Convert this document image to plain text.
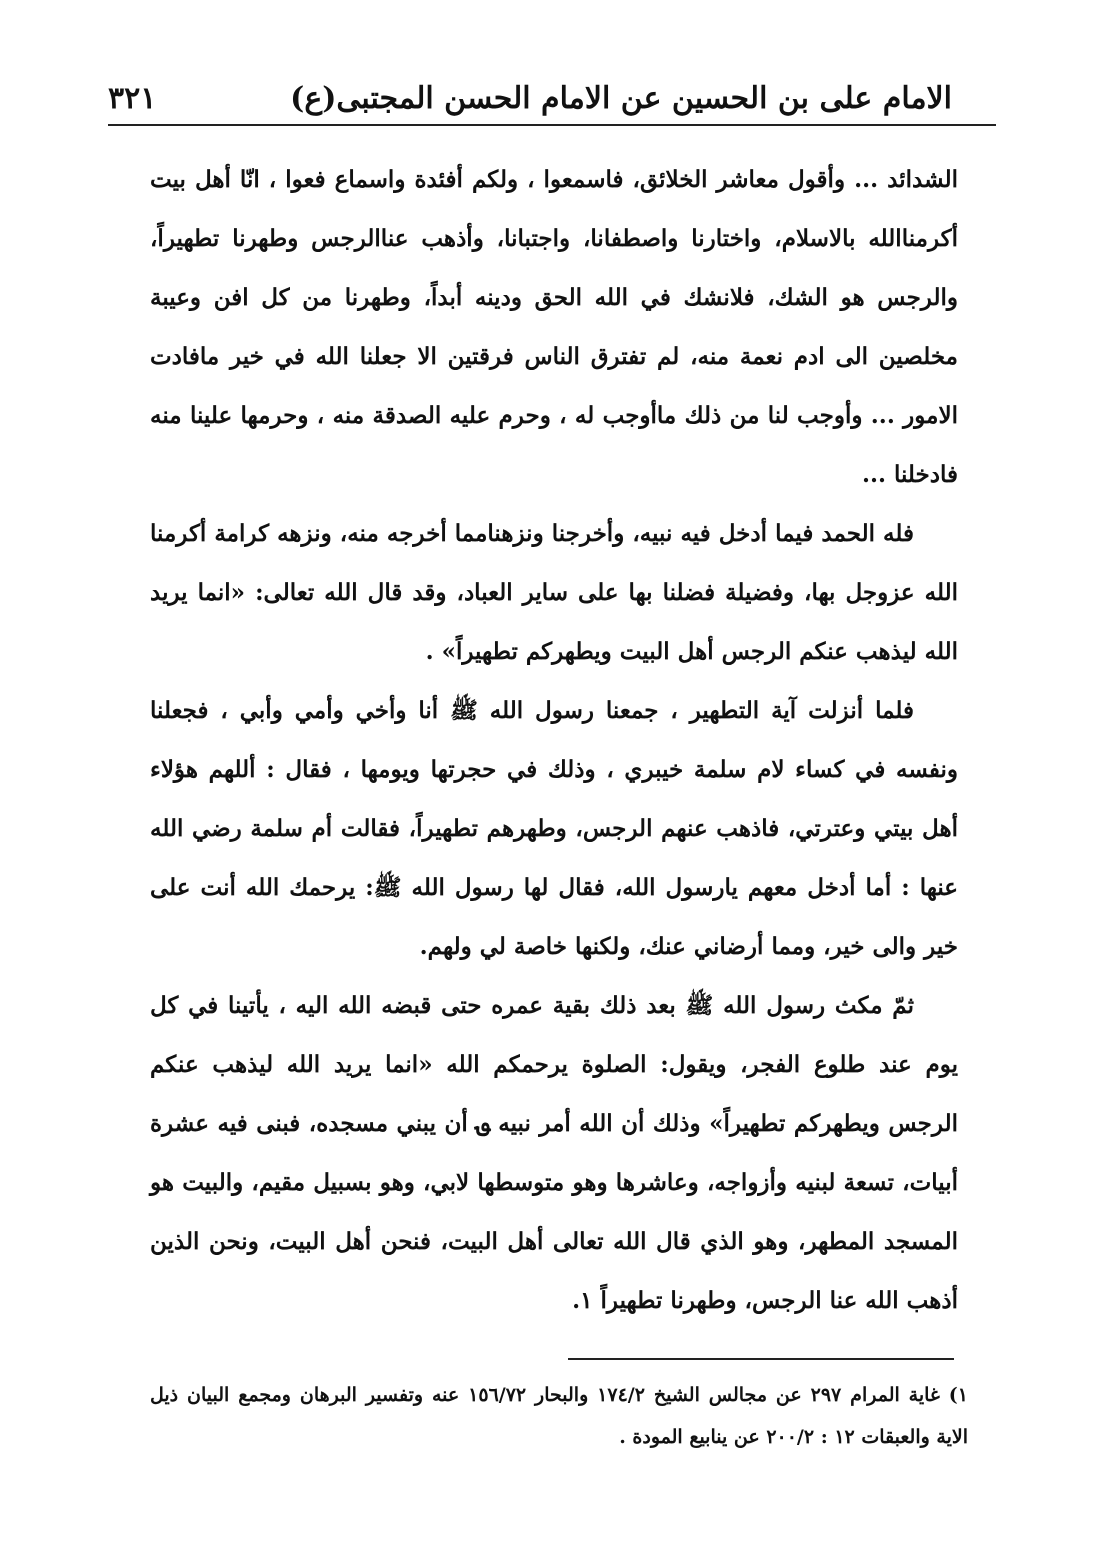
الامام على بن الحسين عن الامام الحسن المجتبى(ع)
٣٢١

الشدائد ... وأقول معاشر الخلائق، فاسمعوا ، ولكم أفئدة واسماع فعوا ، انّا أهل بيت أكرمناالله بالاسلام، واختارنا واصطفانا، واجتبانا، وأذهب عناالرجس وطهرنا تطهيراً، والرجس هو الشك، فلانشك في الله الحق ودينه أبداً، وطهرنا من كل افن وعيبة مخلصين الى ادم نعمة منه، لم تفترق الناس فرقتين الا جعلنا الله في خير مافادت الامور ... وأوجب لنا من ذلك ماأوجب له ، وحرم عليه الصدقة منه ، وحرمها علينا منه فادخلنا ...

فله الحمد فيما أدخل فيه نبيه، وأخرجنا ونزهنامما أخرجه منه، ونزهه كرامة أكرمنا الله عزوجل بها، وفضيلة فضلنا بها على ساير العباد، وقد قال الله تعالى: «انما يريد الله ليذهب عنكم الرجس أهل البيت ويطهركم تطهيراً» .

فلما أنزلت آية التطهير ، جمعنا رسول الله ﷺ أنا وأخي وأمي وأبي ، فجعلنا ونفسه في كساء لام سلمة خيبري ، وذلك في حجرتها ويومها ، فقال : أللهم هؤلاء أهل بيتي وعترتي، فاذهب عنهم الرجس، وطهرهم تطهيراً، فقالت أم سلمة رضي الله عنها : أما أدخل معهم يارسول الله، فقال لها رسول الله ﷺ: يرحمك الله أنت على خير والى خير، ومما أرضاني عنك، ولكنها خاصة لي ولهم.

ثمّ مكث رسول الله ﷺ بعد ذلك بقية عمره حتى قبضه الله اليه ، يأتينا في كل يوم عند طلوع الفجر، ويقول: الصلوة يرحمكم الله «انما يريد الله ليذهب عنكم الرجس ويطهركم تطهيراً» وذلك أن الله أمر نبيه ؈ أن يبني مسجده، فبنى فيه عشرة أبيات، تسعة لبنيه وأزواجه، وعاشرها وهو متوسطها لابي، وهو بسبيل مقيم، والبيت هو المسجد المطهر، وهو الذي قال الله تعالى أهل البيت، فنحن أهل البيت، ونحن الذين أذهب الله عنا الرجس، وطهرنا تطهيراً ١.

١) غاية المرام ٢٩٧ عن مجالس الشيخ ١٧٤/٢ والبحار ١٥٦/٧٢ عنه وتفسير البرهان ومجمع البيان ذيل الاية والعبقات ١٢ : ٢٠٠/٢ عن ينابيع المودة .
